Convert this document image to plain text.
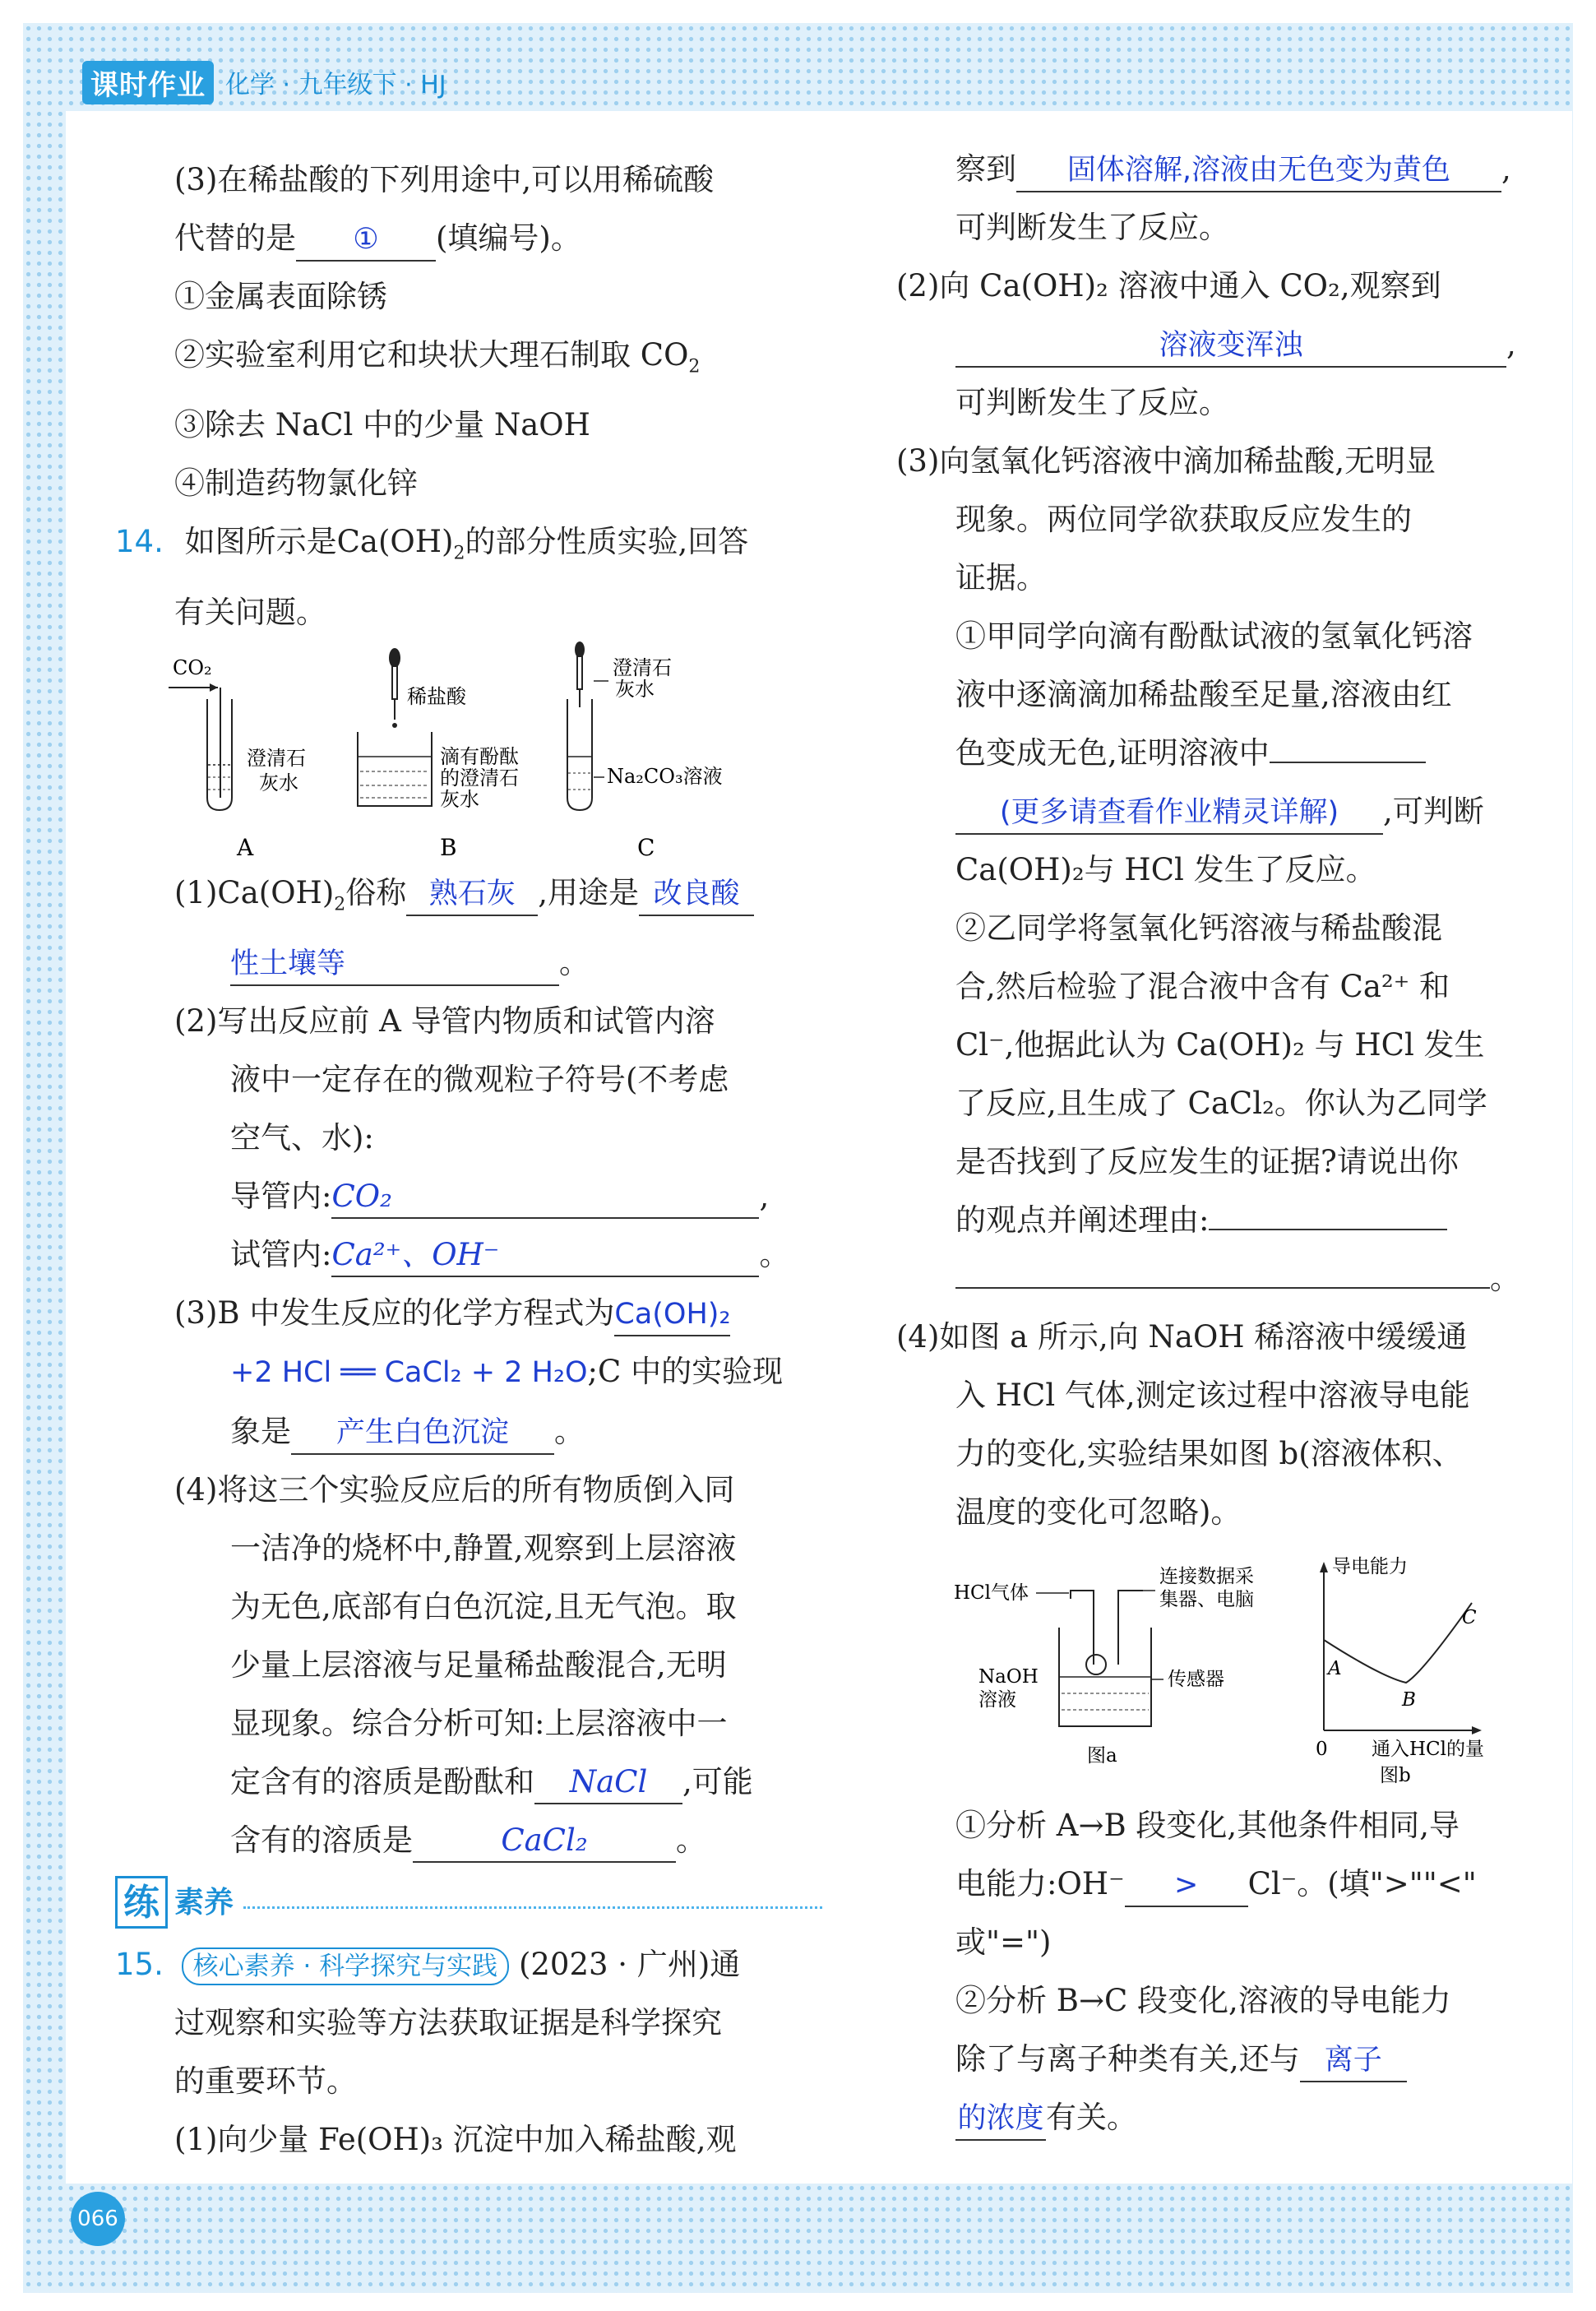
课时作业 化学 · 九年级下 · HJ
(3)在稀盐酸的下列用途中,可以用稀硫酸
代替的是 ① (填编号)。
①金属表面除锈
②实验室利用它和块状大理石制取 $CO_2$
③除去 NaCl 中的少量 NaOH
④制造药物氯化锌
14. 如图所示是$Ca(OH)_2$的部分性质实验,回答
有关问题。
CO₂
澄清石
灰水
A
稀盐酸
滴有酚酞
的澄清石
灰水
B
澄清石
灰水
Na₂CO₃溶液
C
$(1)Ca(OH)_2$俗称 熟石灰 ,用途是 改良酸
性土壤等	。
(2)写出反应前 A 导管内物质和试管内溶
液中一定存在的微观粒子符号(不考虑
空气、水):
导管内:CO₂	,
试管内:Ca²⁺、OH⁻	。
(3)B 中发生反应的化学方程式为Ca(OH)₂
+2 HCl ══ CaCl₂ + 2 H₂O;C 中的实验现
象是 产生白色沉淀 。
(4)将这三个实验反应后的所有物质倒入同
一洁净的烧杯中,静置,观察到上层溶液
为无色,底部有白色沉淀,且无气泡。取
少量上层溶液与足量稀盐酸混合,无明
显现象。综合分析可知:上层溶液中一
定含有的溶质是酚酞和 NaCl ,可能
含有的溶质是	CaCl₂	。
练 素养
15. 核心素养 · 科学探究与实践 (2023 · 广州)通
过观察和实验等方法获取证据是科学探究
的重要环节。
(1)向少量 Fe(OH)₃ 沉淀中加入稀盐酸,观
察到 固体溶解,溶液由无色变为黄色 ,
可判断发生了反应。
(2)向 Ca(OH)₂ 溶液中通入 CO₂,观察到
溶液变浑浊	,
可判断发生了反应。
(3)向氢氧化钙溶液中滴加稀盐酸,无明显
现象。两位同学欲获取反应发生的
证据。
①甲同学向滴有酚酞试液的氢氧化钙溶
液中逐滴滴加稀盐酸至足量,溶液由红
色变成无色,证明溶液中
(更多请查看作业精灵详解) ,可判断
Ca(OH)₂与 HCl 发生了反应。
②乙同学将氢氧化钙溶液与稀盐酸混
合,然后检验了混合液中含有 Ca²⁺ 和
Cl⁻,他据此认为 Ca(OH)₂ 与 HCl 发生
了反应,且生成了 CaCl₂。你认为乙同学
是否找到了反应发生的证据?请说出你
的观点并阐述理由:
。
(4)如图 a 所示,向 NaOH 稀溶液中缓缓通
入 HCl 气体,测定该过程中溶液导电能
力的变化,实验结果如图 b(溶液体积、
温度的变化可忽略)。
HCl气体
连接数据采
集器、电脑
NaOH
溶液
传感器
图a
导电能力
0 通入HCl的量
图b
A
B
C
①分析 A→B 段变化,其他条件相同,导
电能力:OH⁻ > Cl⁻。(填">""<"
或"=")
②分析 B→C 段变化,溶液的导电能力
除了与离子种类有关,还与 离子
的浓度有关。
066
